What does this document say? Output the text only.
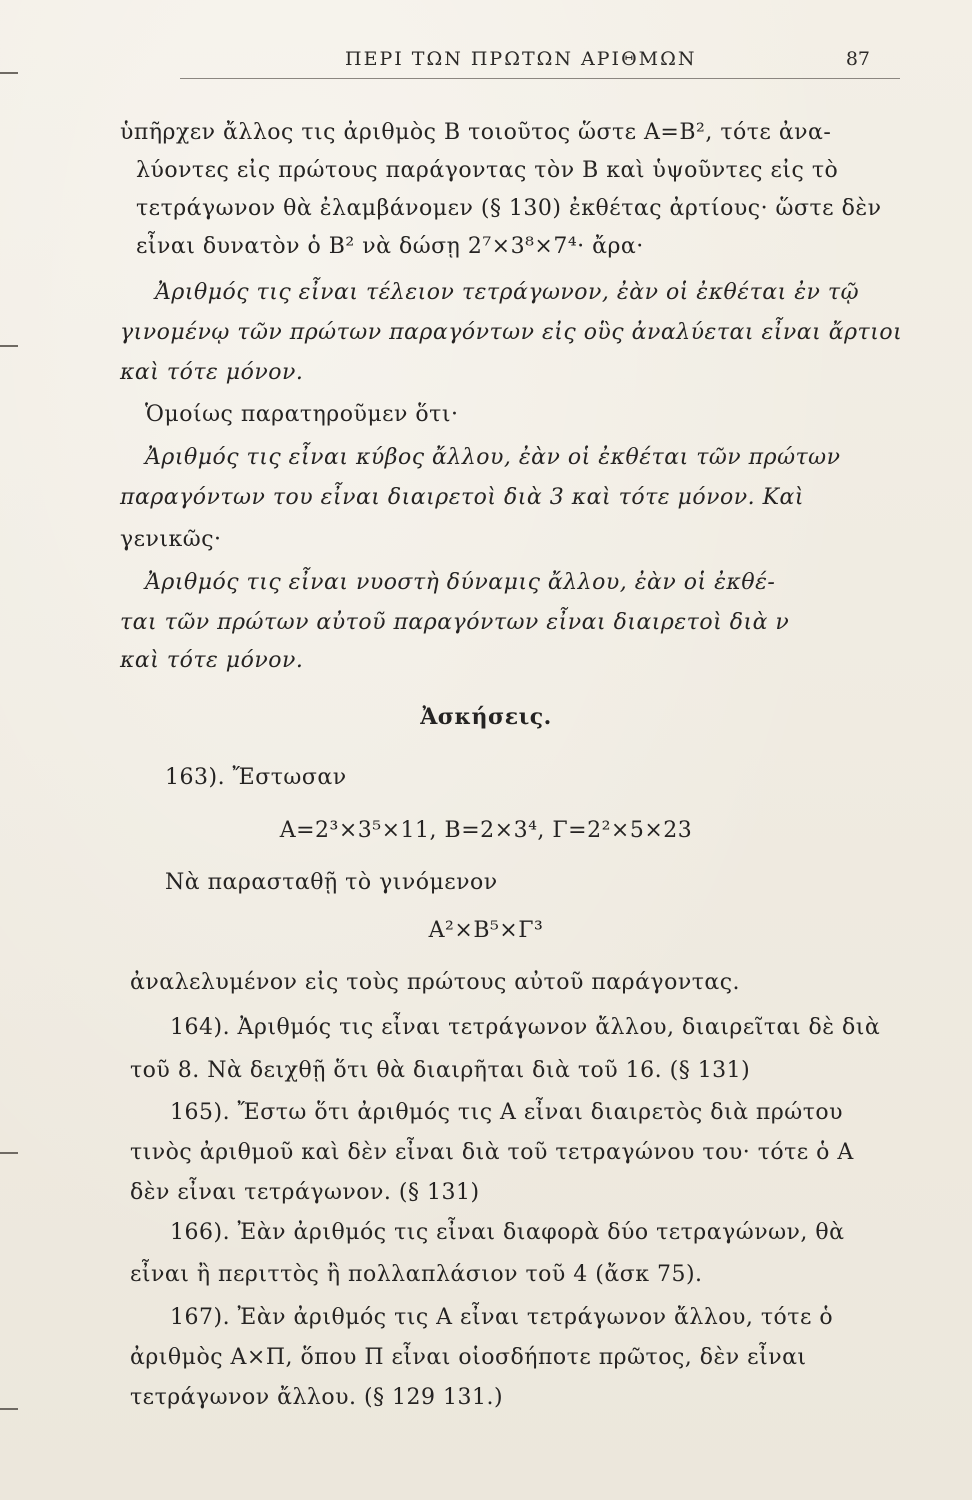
ΠΕΡΙ ΤΩΝ ΠΡΩΤΩΝ ΑΡΙΘΜΩΝ	87
ὑπῆρχεν ἄλλος τις ἀριθμὸς Β τοιοῦτος ὥστε Α=Β², τότε ἀνα-
λύοντες εἰς πρώτους παράγοντας τὸν Β καὶ ὑψοῦντες εἰς τὸ
τετράγωνον θὰ ἐλαμβάνομεν (§ 130) ἐκθέτας ἀρτίους· ὥστε δὲν
εἶναι δυνατὸν ὁ Β² νὰ δώσῃ 2⁷×3⁸×7⁴· ἄρα·
Ἀριθμός τις εἶναι τέλειον τετράγωνον, ἐὰν οἱ ἐκθέται ἐν τῷ
γινομένῳ τῶν πρώτων παραγόντων εἰς οὓς ἀναλύεται εἶναι ἄρτιοι
καὶ τότε μόνον.
Ὁμοίως παρατηροῦμεν ὅτι·
Ἀριθμός τις εἶναι κύβος ἄλλου, ἐὰν οἱ ἐκθέται τῶν πρώτων
παραγόντων του εἶναι διαιρετοὶ διὰ 3 καὶ τότε μόνον. Καὶ
γενικῶς·
Ἀριθμός τις εἶναι νυοστὴ δύναμις ἄλλου, ἐὰν οἱ ἐκθέ-
ται τῶν πρώτων αὐτοῦ παραγόντων εἶναι διαιρετοὶ διὰ ν
καὶ τότε μόνον.
Ἀσκήσεις.
163). Ἔστωσαν
Α=2³×3⁵×11, Β=2×3⁴, Γ=2²×5×23
Νὰ παρασταθῇ τὸ γινόμενον
Α²×Β⁵×Γ³
ἀναλελυμένον εἰς τοὺς πρώτους αὐτοῦ παράγοντας.
164). Ἀριθμός τις εἶναι τετράγωνον ἄλλου, διαιρεῖται δὲ διὰ
τοῦ 8. Νὰ δειχθῇ ὅτι θὰ διαιρῆται διὰ τοῦ 16. (§ 131)
165). Ἔστω ὅτι ἀριθμός τις Α εἶναι διαιρετὸς διὰ πρώτου
τινὸς ἀριθμοῦ καὶ δὲν εἶναι διὰ τοῦ τετραγώνου του· τότε ὁ Α
δὲν εἶναι τετράγωνον. (§ 131)
166). Ἐὰν ἀριθμός τις εἶναι διαφορὰ δύο τετραγώνων, θὰ
εἶναι ἢ περιττὸς ἢ πολλαπλάσιον τοῦ 4 (ἄσκ 75).
167). Ἐὰν ἀριθμός τις Α εἶναι τετράγωνον ἄλλου, τότε ὁ
ἀριθμὸς Α×Π, ὅπου Π εἶναι οἱοσδήποτε πρῶτος, δὲν εἶναι
τετράγωνον ἄλλου. (§ 129 131.)
